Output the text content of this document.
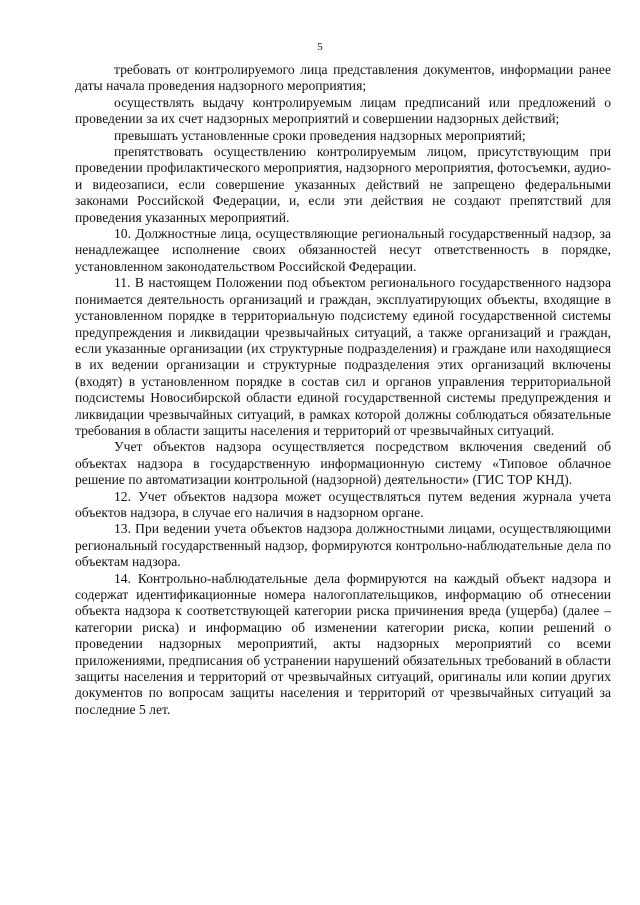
5

требовать от контролируемого лица представления документов, информации ранее даты начала проведения надзорного мероприятия;

осуществлять выдачу контролируемым лицам предписаний или предложений о проведении за их счет надзорных мероприятий и совершении надзорных действий;

превышать установленные сроки проведения надзорных мероприятий;

препятствовать осуществлению контролируемым лицом, присутствующим при проведении профилактического мероприятия, надзорного мероприятия, фотосъемки, аудио- и видеозаписи, если совершение указанных действий не запрещено федеральными законами Российской Федерации, и, если эти действия не создают препятствий для проведения указанных мероприятий.

10. Должностные лица, осуществляющие региональный государственный надзор, за ненадлежащее исполнение своих обязанностей несут ответственность в порядке, установленном законодательством Российской Федерации.

11. В настоящем Положении под объектом регионального государственного надзора понимается деятельность организаций и граждан, эксплуатирующих объекты, входящие в установленном порядке в территориальную подсистему единой государственной системы предупреждения и ликвидации чрезвычайных ситуаций, а также организаций и граждан, если указанные организации (их структурные подразделения) и граждане или находящиеся в их ведении организации и структурные подразделения этих организаций включены (входят) в установленном порядке в состав сил и органов управления территориальной подсистемы Новосибирской области единой государственной системы предупреждения и ликвидации чрезвычайных ситуаций, в рамках которой должны соблюдаться обязательные требования в области защиты населения и территорий от чрезвычайных ситуаций.

Учет объектов надзора осуществляется посредством включения сведений об объектах надзора в государственную информационную систему «Типовое облачное решение по автоматизации контрольной (надзорной) деятельности» (ГИС ТОР КНД).

12. Учет объектов надзора может осуществляться путем ведения журнала учета объектов надзора, в случае его наличия в надзорном органе.

13. При ведении учета объектов надзора должностными лицами, осуществляющими региональный государственный надзор, формируются контрольно-наблюдательные дела по объектам надзора.

14. Контрольно-наблюдательные дела формируются на каждый объект надзора и содержат идентификационные номера налогоплательщиков, информацию об отнесении объекта надзора к соответствующей категории риска причинения вреда (ущерба) (далее – категории риска) и информацию об изменении категории риска, копии решений о проведении надзорных мероприятий, акты надзорных мероприятий со всеми приложениями, предписания об устранении нарушений обязательных требований в области защиты населения и территорий от чрезвычайных ситуаций, оригиналы или копии других документов по вопросам защиты населения и территорий от чрезвычайных ситуаций за последние 5 лет.
